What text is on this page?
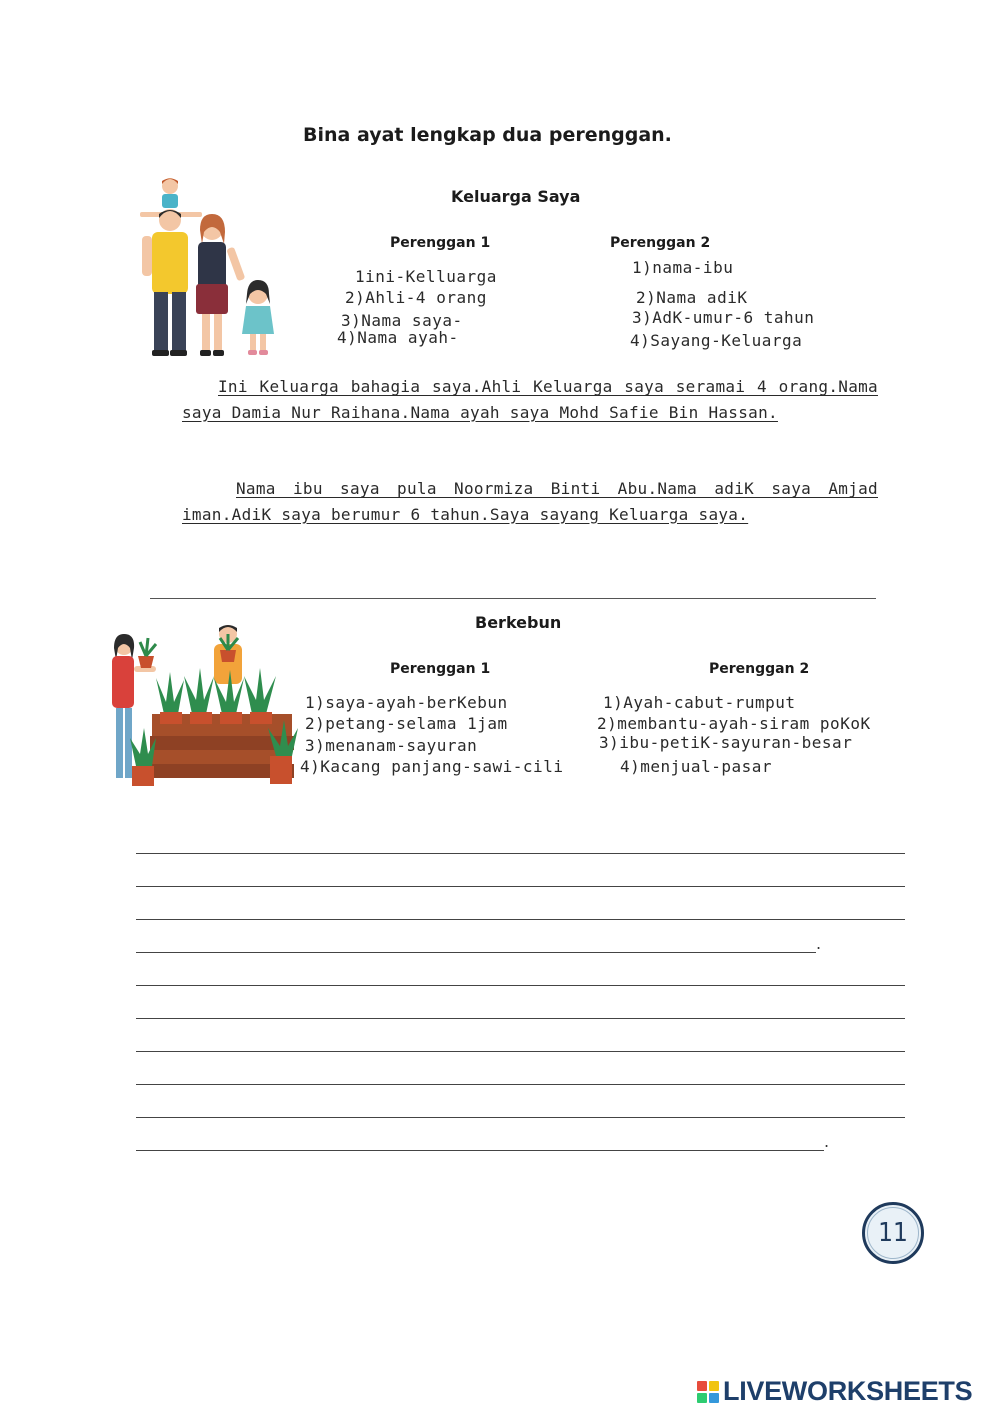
Bina ayat lengkap dua perenggan.
Keluarga Saya
Perenggan 1	Perenggan 2
1ini-Kelluarga
2)Ahli-4 orang
3)Nama saya-
4)Nama ayah-
1)nama-ibu
2)Nama adiK
3)AdK-umur-6 tahun
4)Sayang-Keluarga
Ini Keluarga bahagia saya.Ahli Keluarga saya seramai 4 orang.Nama saya Damia Nur Raihana.Nama ayah saya Mohd Safie Bin Hassan.
Nama ibu saya pula Noormiza Binti Abu.Nama adiK saya Amjad iman.AdiK saya berumur 6 tahun.Saya sayang Keluarga saya.
Berkebun
Perenggan 1	Perenggan 2
1)saya-ayah-berKebun
2)petang-selama 1jam
3)menanam-sayuran
4)Kacang panjang-sawi-cili
1)Ayah-cabut-rumput
2)membantu-ayah-siram poKoK
3)ibu-petiK-sayuran-besar
4)menjual-pasar
.
.
11
LIVEWORKSHEETS
